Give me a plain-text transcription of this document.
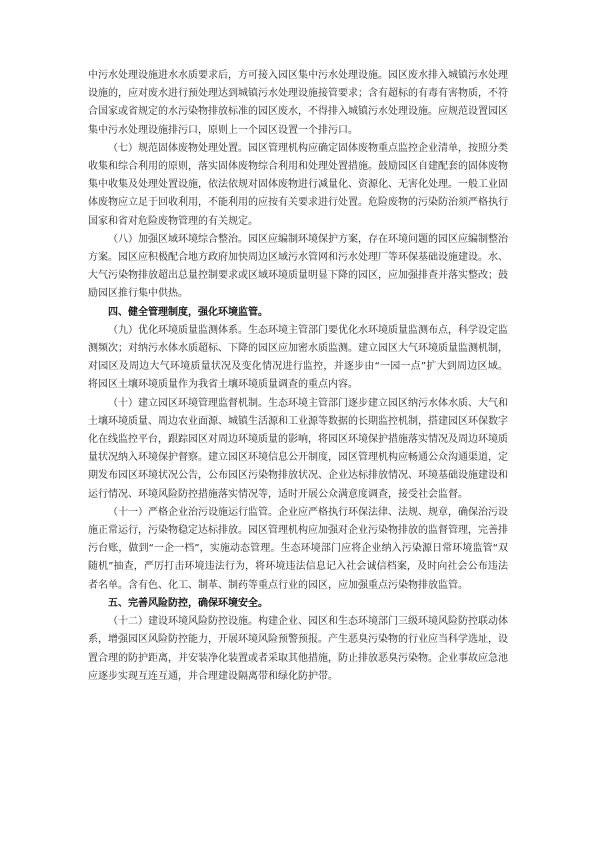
中污水处理设施进水水质要求后，方可接入园区集中污水处理设施。园区废水排入城镇污水处理设施的，应对废水进行预处理达到城镇污水处理设施接管要求；含有超标的有毒有害物质，不符合国家或省规定的水污染物排放标准的园区废水，不得排入城镇污水处理设施。应规范设置园区集中污水处理设施排污口，原则上一个园区设置一个排污口。

（七）规范固体废物处理处置。园区管理机构应确定固体废物重点监控企业清单，按照分类收集和综合利用的原则，落实固体废物综合利用和处理处置措施。鼓励园区自建配套的固体废物集中收集及处理处置设施，依法依规对固体废物进行减量化、资源化、无害化处理。一般工业固体废物应立足于回收利用，不能利用的应按有关要求进行处置。危险废物的污染防治须严格执行国家和省对危险废物管理的有关规定。

（八）加强区域环境综合整治。园区应编制环境保护方案，存在环境问题的园区应编制整治方案。园区应积极配合地方政府加快周边区域污水管网和污水处理厂等环保基础设施建设。水、大气污染物排放超出总量控制要求或区域环境质量明显下降的园区，应加强排查并落实整改；鼓励园区推行集中供热。

四、健全管理制度，强化环境监管。

（九）优化环境质量监测体系。生态环境主管部门要优化水环境质量监测布点，科学设定监测频次；对纳污水体水质超标、下降的园区应加密水质监测。建立园区大气环境质量监测机制，对园区及周边大气环境质量状况及变化情况进行监控，并逐步由“一园一点”扩大到周边区域。将园区土壤环境质量作为我省土壤环境质量调查的重点内容。

（十）建立园区环境管理监督机制。生态环境主管部门逐步建立园区纳污水体水质、大气和土壤环境质量、周边农业面源、城镇生活源和工业源等数据的长期监控机制，搭建园区环保数字化在线监控平台，跟踪园区对周边环境质量的影响，将园区环境保护措施落实情况及周边环境质量状况纳入环境保护督察。建立园区环境信息公开制度，园区管理机构应畅通公众沟通渠道，定期发布园区环境状况公告，公布园区污染物排放状况、企业达标排放情况、环境基础设施建设和运行情况、环境风险防控措施落实情况等，适时开展公众满意度调查，接受社会监督。

（十一）严格企业治污设施运行监管。企业应严格执行环保法律、法规、规章，确保治污设施正常运行，污染物稳定达标排放。园区管理机构应加强对企业污染物排放的监督管理，完善排污台账，做到“一企一档”，实施动态管理。生态环境部门应将企业纳入污染源日常环境监管“双随机”抽查，严厉打击环境违法行为，将环境违法信息记入社会诚信档案，及时向社会公布违法者名单。含有色、化工、制革、制药等重点行业的园区，应加强重点污染物排放监管。

五、完善风险防控，确保环境安全。

（十二）建设环境风险防控设施。构建企业、园区和生态环境部门三级环境风险防控联动体系，增强园区风险防控能力，开展环境风险预警预报。产生恶臭污染物的行业应当科学选址，设置合理的防护距离，并安装净化装置或者采取其他措施，防止排放恶臭污染物。企业事故应急池应逐步实现互连互通，并合理建设隔离带和绿化防护带。
